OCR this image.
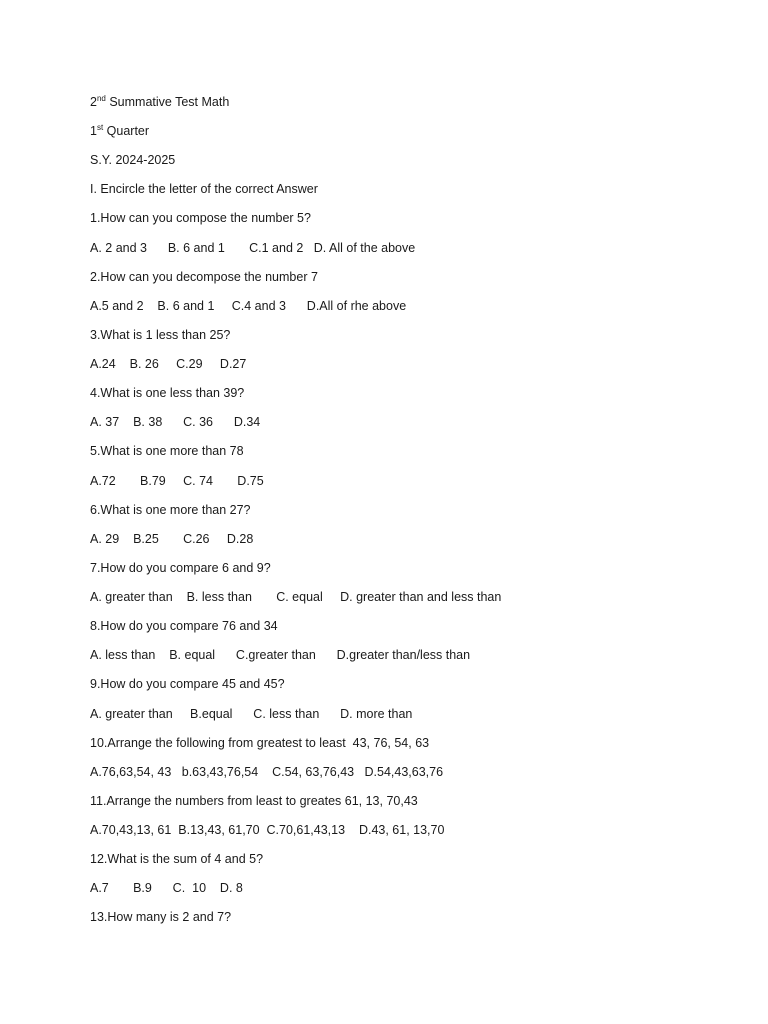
2nd Summative Test Math
1st Quarter
S.Y. 2024-2025
I. Encircle the letter of the correct Answer
1.How can you compose the number 5?
A. 2 and 3      B. 6 and 1       C.1 and 2   D. All of the above
2.How can you decompose the number 7
A.5 and 2    B. 6 and 1     C.4 and 3      D.All of rhe above
3.What is 1 less than 25?
A.24    B. 26     C.29     D.27
4.What is one less than 39?
A. 37    B. 38      C. 36      D.34
5.What is one more than 78
A.72       B.79     C. 74       D.75
6.What is one more than 27?
A. 29    B.25       C.26     D.28
7.How do you compare 6 and 9?
A. greater than    B. less than       C. equal     D. greater than and less than
8.How do you compare 76 and 34
A. less than    B. equal      C.greater than      D.greater than/less than
9.How do you compare 45 and 45?
A. greater than     B.equal      C. less than      D. more than
10.Arrange the following from greatest to least  43, 76, 54, 63
A.76,63,54, 43   b.63,43,76,54    C.54, 63,76,43   D.54,43,63,76
11.Arrange the numbers from least to greates 61, 13, 70,43
A.70,43,13, 61  B.13,43, 61,70  C.70,61,43,13    D.43, 61, 13,70
12.What is the sum of 4 and 5?
A.7       B.9      C.  10    D. 8
13.How many is 2 and 7?
